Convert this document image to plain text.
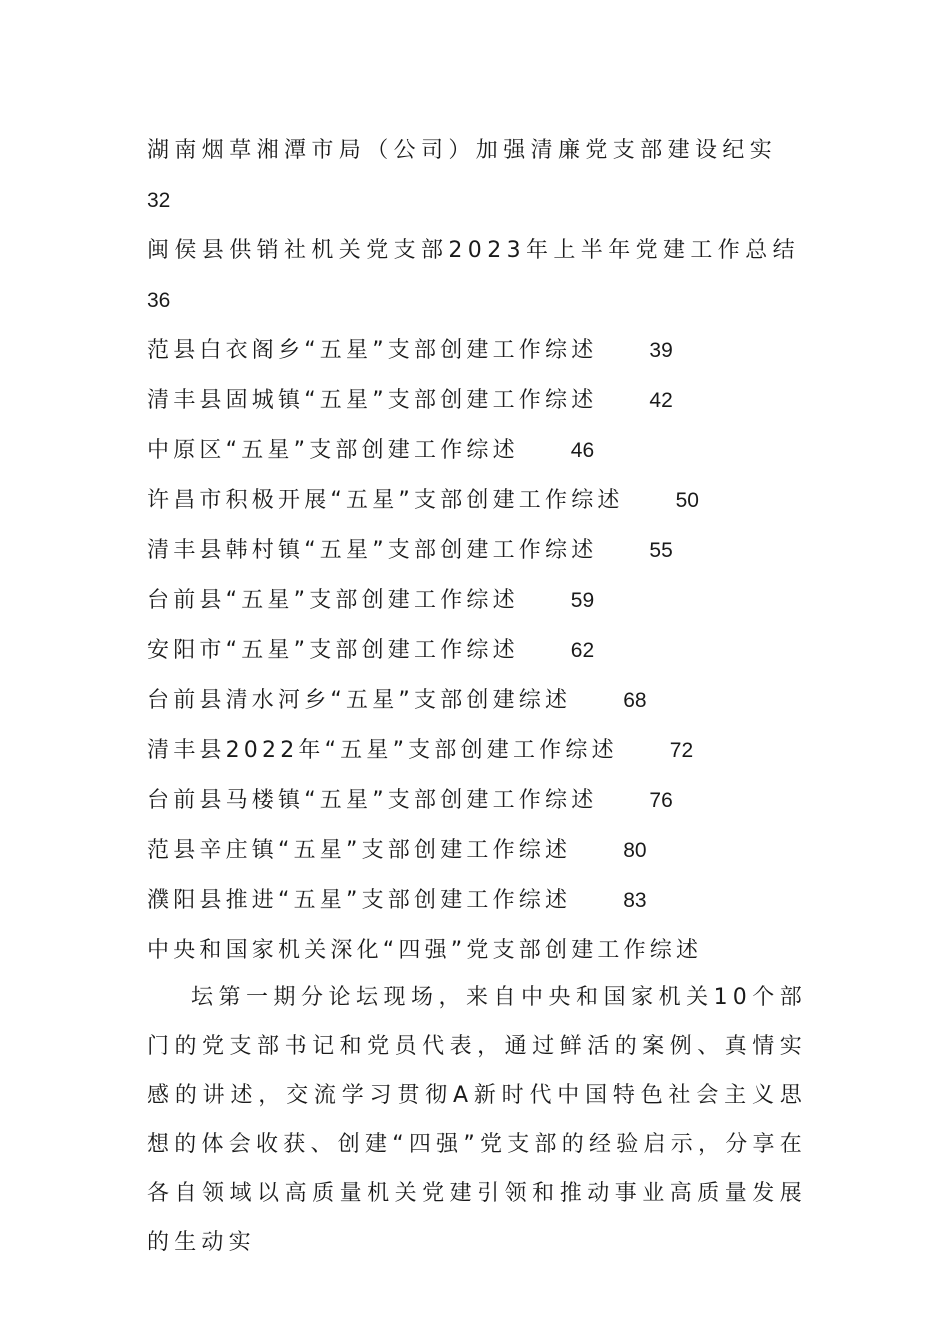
湖南烟草湘潭市局（公司）加强清廉党支部建设纪实
32
闽侯县供销社机关党支部2023年上半年党建工作总结
36
范县白衣阁乡“五星”支部创建工作综述 39
清丰县固城镇“五星”支部创建工作综述 42
中原区“五星”支部创建工作综述 46
许昌市积极开展“五星”支部创建工作综述 50
清丰县韩村镇“五星”支部创建工作综述 55
台前县“五星”支部创建工作综述 59
安阳市“五星”支部创建工作综述 62
台前县清水河乡“五星”支部创建综述 68
清丰县2022年“五星”支部创建工作综述 72
台前县马楼镇“五星”支部创建工作综述 76
范县辛庄镇“五星”支部创建工作综述 80
濮阳县推进“五星”支部创建工作综述 83
中央和国家机关深化“四强”党支部创建工作综述

坛第一期分论坛现场，来自中央和国家机关10个部门的党支部书记和党员代表，通过鲜活的案例、真情实感的讲述，交流学习贯彻A新时代中国特色社会主义思想的体会收获、创建“四强”党支部的经验启示，分享在各自领域以高质量机关党建引领和推动事业高质量发展的生动实
